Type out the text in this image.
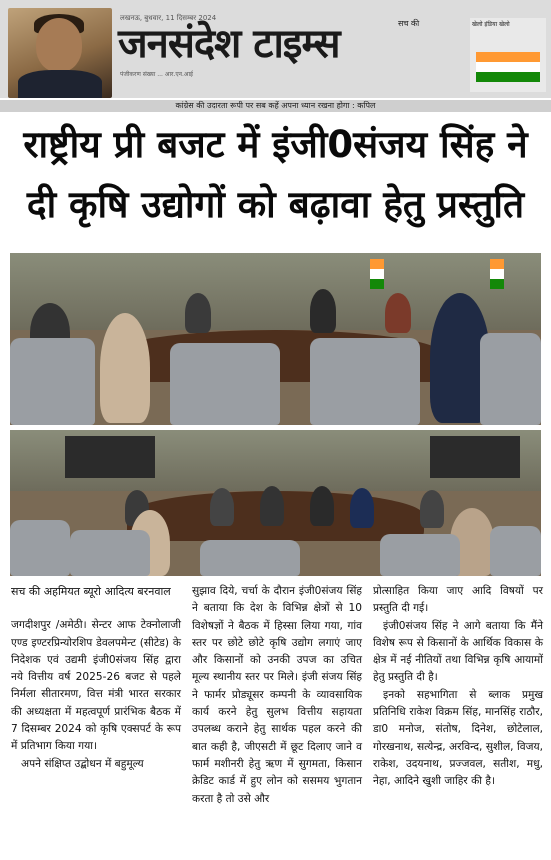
लखनऊ, बुधवार, 11 दिसम्बर 2024
जनसंदेश टाइम्स	सच की	खेलो इंडिया खेलो
पंजीकरण संख्या ... आर.एन.आई
कांग्रेस की उदारता रूपी पर सब कहें अपना ध्यान रखना होगा : कपिल
राष्ट्रीय प्री बजट में इंजी0संजय सिंह ने
दी कृषि उद्योगों को बढ़ावा हेतु प्रस्तुति

सच की अहमियत ब्यूरो आदित्य बरनवाल

जगदीशपुर /अमेठी। सेन्टर आफ टेक्नोलाजी एण्ड इण्टरप्रिन्योरशिप डेवलपमेन्ट (सीटेड) के निदेशक एवं उद्यमी इंजी0संजय सिंह द्वारा नये वित्तीय वर्ष 2025-26 बजट से पहले निर्मला सीतारमण, वित्त मंत्री भारत सरकार की अध्यक्षता में महत्वपूर्ण प्रारंभिक बैठक में 7 दिसम्बर 2024 को कृषि एक्सपर्ट के रूप में प्रतिभाग किया गया।

अपने संक्षिप्त उद्बोधन में बहुमूल्य

सुझाव दिये, चर्चा के दौरान इंजी0संजय सिंह ने बताया कि देश के विभिन्न क्षेत्रों से 10 विशेषज्ञों ने बैठक में हिस्सा लिया गया, गांव स्तर पर छोटे छोटे कृषि उद्योग लगाएं जाए और किसानों को उनकी उपज का उचित मूल्य स्थानीय स्तर पर मिले। इंजी संजय सिंह ने फार्मर प्रोड्यूसर कम्पनी के व्यावसायिक कार्य करने हेतु सुलभ वित्तीय सहायता उपलब्ध कराने हेतु सार्थक पहल करने की बात कही है, जीएसटी में छूट दिलाए जाने व फार्म मशीनरी हेतु ऋण में सुगमता, किसान क्रेडिट कार्ड में हुए लोन को ससमय भुगतान करता है तो उसे और

प्रोत्साहित किया जाए आदि विषयों पर प्रस्तुति दी गई।

इंजी0संजय सिंह ने आगे बताया कि मैंने विशेष रूप से किसानों के आर्थिक विकास के क्षेत्र में नई नीतियों तथा विभिन्न कृषि आयामों हेतु प्रस्तुति दी है।

इनको सहभागिता से ब्लाक प्रमुख प्रतिनिधि राकेश विक्रम सिंह, मानसिंह राठौर, डा0 मनोज, संतोष, दिनेश, छोटेलाल, गोरखनाथ, सत्येन्द्र, अरविन्द, सुशील, विजय, राकेश, उदयनाथ, प्रज्जवल, सतीश, मधु, नेहा, आदिने खुशी जाहिर की है।
